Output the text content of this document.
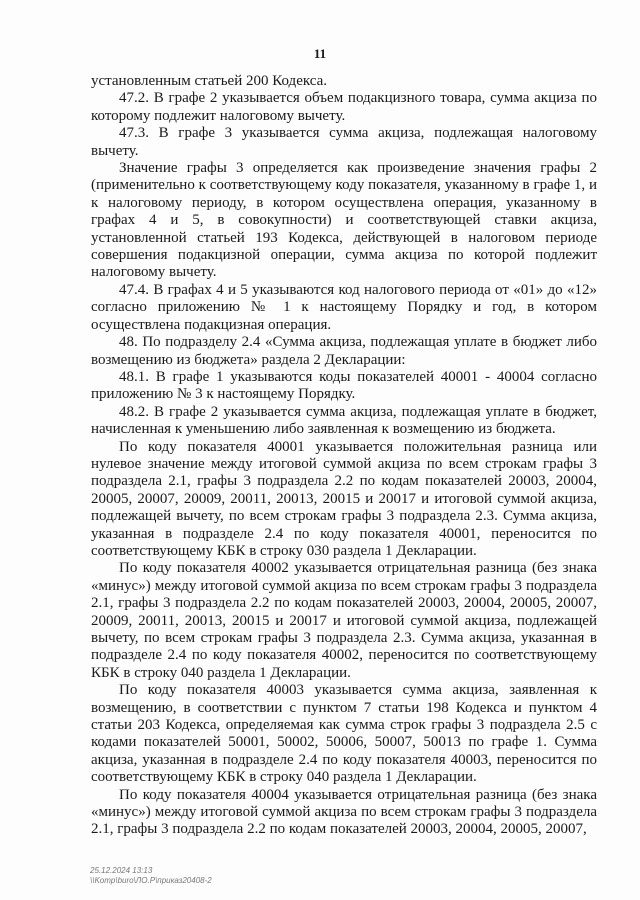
11

установленным статьей 200 Кодекса.

47.2. В графе 2 указывается объем подакцизного товара, сумма акциза по которому подлежит налоговому вычету.

47.3. В графе 3 указывается сумма акциза, подлежащая налоговому вычету.

Значение графы 3 определяется как произведение значения графы 2 (применительно к соответствующему коду показателя, указанному в графе 1, и к налоговому периоду, в котором осуществлена операция, указанному в графах 4 и 5, в совокупности) и соответствующей ставки акциза, установленной статьей 193 Кодекса, действующей в налоговом периоде совершения подакцизной операции, сумма акциза по которой подлежит налоговому вычету.

47.4. В графах 4 и 5 указываются код налогового периода от «01» до «12» согласно приложению № 1 к настоящему Порядку и год, в котором осуществлена подакцизная операция.

48. По подразделу 2.4 «Сумма акциза, подлежащая уплате в бюджет либо возмещению из бюджета» раздела 2 Декларации:

48.1. В графе 1 указываются коды показателей 40001 - 40004 согласно приложению № 3 к настоящему Порядку.

48.2. В графе 2 указывается сумма акциза, подлежащая уплате в бюджет, начисленная к уменьшению либо заявленная к возмещению из бюджета.

По коду показателя 40001 указывается положительная разница или нулевое значение между итоговой суммой акциза по всем строкам графы 3 подраздела 2.1, графы 3 подраздела 2.2 по кодам показателей 20003, 20004, 20005, 20007, 20009, 20011, 20013, 20015 и 20017 и итоговой суммой акциза, подлежащей вычету, по всем строкам графы 3 подраздела 2.3. Сумма акциза, указанная в подразделе 2.4 по коду показателя 40001, переносится по соответствующему КБК в строку 030 раздела 1 Декларации.

По коду показателя 40002 указывается отрицательная разница (без знака «минус») между итоговой суммой акциза по всем строкам графы 3 подраздела 2.1, графы 3 подраздела 2.2 по кодам показателей 20003, 20004, 20005, 20007, 20009, 20011, 20013, 20015 и 20017 и итоговой суммой акциза, подлежащей вычету, по всем строкам графы 3 подраздела 2.3. Сумма акциза, указанная в подразделе 2.4 по коду показателя 40002, переносится по соответствующему КБК в строку 040 раздела 1 Декларации.

По коду показателя 40003 указывается сумма акциза, заявленная к возмещению, в соответствии с пунктом 7 статьи 198 Кодекса и пунктом 4 статьи 203 Кодекса, определяемая как сумма строк графы 3 подраздела 2.5 с кодами показателей 50001, 50002, 50006, 50007, 50013 по графе 1. Сумма акциза, указанная в подразделе 2.4 по коду показателя 40003, переносится по соответствующему КБК в строку 040 раздела 1 Декларации.

По коду показателя 40004 указывается отрицательная разница (без знака «минус») между итоговой суммой акциза по всем строкам графы 3 подраздела 2.1, графы 3 подраздела 2.2 по кодам показателей 20003, 20004, 20005, 20007,

25.12.2024 13:13
\\Komp\buro\ЛО.Р\приказ20408-2
